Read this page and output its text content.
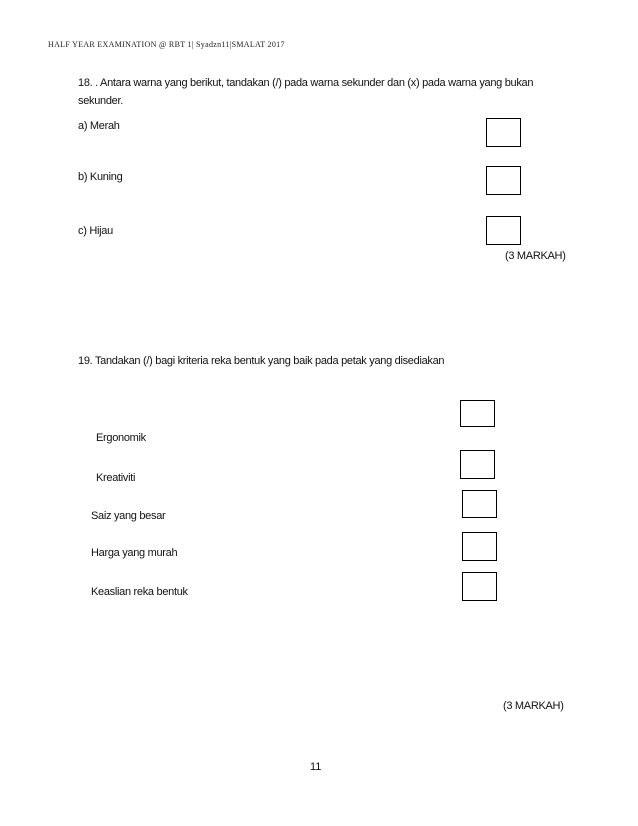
HALF YEAR EXAMINATION @ RBT 1| Syadzn11|SMALAT 2017
18. . Antara warna yang berikut, tandakan (/) pada warna sekunder dan (x) pada warna yang bukan sekunder.
a) Merah
b) Kuning
c) Hijau
(3 MARKAH)
19. Tandakan (/) bagi kriteria reka bentuk yang baik pada petak yang disediakan
Ergonomik
Kreativiti
Saiz yang besar
Harga yang murah
Keaslian reka bentuk
(3 MARKAH)
11
